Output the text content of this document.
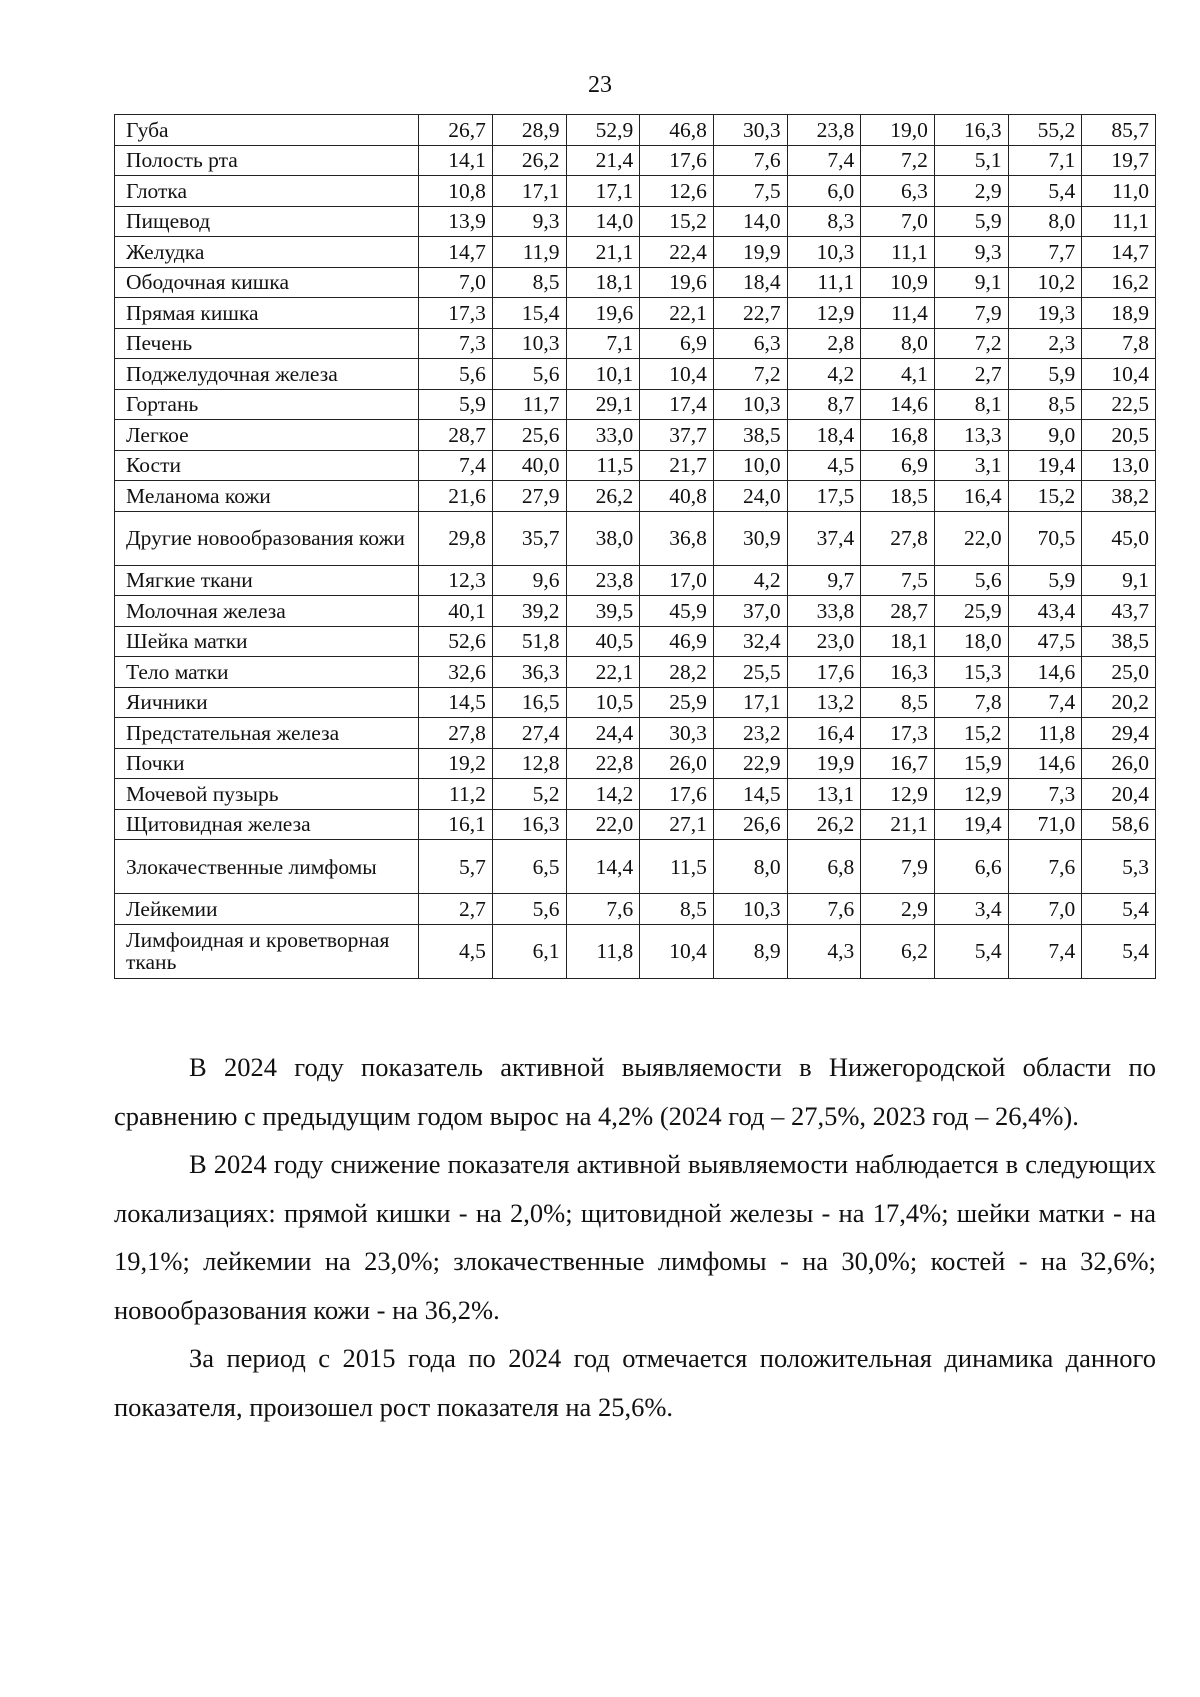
23
Губа	26,7	28,9	52,9	46,8	30,3	23,8	19,0	16,3	55,2	85,7
Полость рта	14,1	26,2	21,4	17,6	7,6	7,4	7,2	5,1	7,1	19,7
Глотка	10,8	17,1	17,1	12,6	7,5	6,0	6,3	2,9	5,4	11,0
Пищевод	13,9	9,3	14,0	15,2	14,0	8,3	7,0	5,9	8,0	11,1
Желудка	14,7	11,9	21,1	22,4	19,9	10,3	11,1	9,3	7,7	14,7
Ободочная кишка	7,0	8,5	18,1	19,6	18,4	11,1	10,9	9,1	10,2	16,2
Прямая кишка	17,3	15,4	19,6	22,1	22,7	12,9	11,4	7,9	19,3	18,9
Печень	7,3	10,3	7,1	6,9	6,3	2,8	8,0	7,2	2,3	7,8
Поджелудочная железа	5,6	5,6	10,1	10,4	7,2	4,2	4,1	2,7	5,9	10,4
Гортань	5,9	11,7	29,1	17,4	10,3	8,7	14,6	8,1	8,5	22,5
Легкое	28,7	25,6	33,0	37,7	38,5	18,4	16,8	13,3	9,0	20,5
Кости	7,4	40,0	11,5	21,7	10,0	4,5	6,9	3,1	19,4	13,0
Меланома кожи	21,6	27,9	26,2	40,8	24,0	17,5	18,5	16,4	15,2	38,2
Другие новообразования кожи	29,8	35,7	38,0	36,8	30,9	37,4	27,8	22,0	70,5	45,0
Мягкие ткани	12,3	9,6	23,8	17,0	4,2	9,7	7,5	5,6	5,9	9,1
Молочная железа	40,1	39,2	39,5	45,9	37,0	33,8	28,7	25,9	43,4	43,7
Шейка матки	52,6	51,8	40,5	46,9	32,4	23,0	18,1	18,0	47,5	38,5
Тело матки	32,6	36,3	22,1	28,2	25,5	17,6	16,3	15,3	14,6	25,0
Яичники	14,5	16,5	10,5	25,9	17,1	13,2	8,5	7,8	7,4	20,2
Предстательная железа	27,8	27,4	24,4	30,3	23,2	16,4	17,3	15,2	11,8	29,4
Почки	19,2	12,8	22,8	26,0	22,9	19,9	16,7	15,9	14,6	26,0
Мочевой пузырь	11,2	5,2	14,2	17,6	14,5	13,1	12,9	12,9	7,3	20,4
Щитовидная железа	16,1	16,3	22,0	27,1	26,6	26,2	21,1	19,4	71,0	58,6
Злокачественные лимфомы	5,7	6,5	14,4	11,5	8,0	6,8	7,9	6,6	7,6	5,3
Лейкемии	2,7	5,6	7,6	8,5	10,3	7,6	2,9	3,4	7,0	5,4
Лимфоидная и кроветворная ткань	4,5	6,1	11,8	10,4	8,9	4,3	6,2	5,4	7,4	5,4

В 2024 году показатель активной выявляемости в Нижегородской области по сравнению с предыдущим годом вырос на 4,2% (2024 год – 27,5%, 2023 год – 26,4%).

В 2024 году снижение показателя активной выявляемости наблюдается в следующих локализациях: прямой кишки - на 2,0%; щитовидной железы - на 17,4%; шейки матки - на 19,1%; лейкемии на 23,0%; злокачественные лимфомы - на 30,0%; костей - на 32,6%; новообразования кожи - на 36,2%.

За период с 2015 года по 2024 год отмечается положительная динамика данного показателя, произошел рост показателя на 25,6%.
